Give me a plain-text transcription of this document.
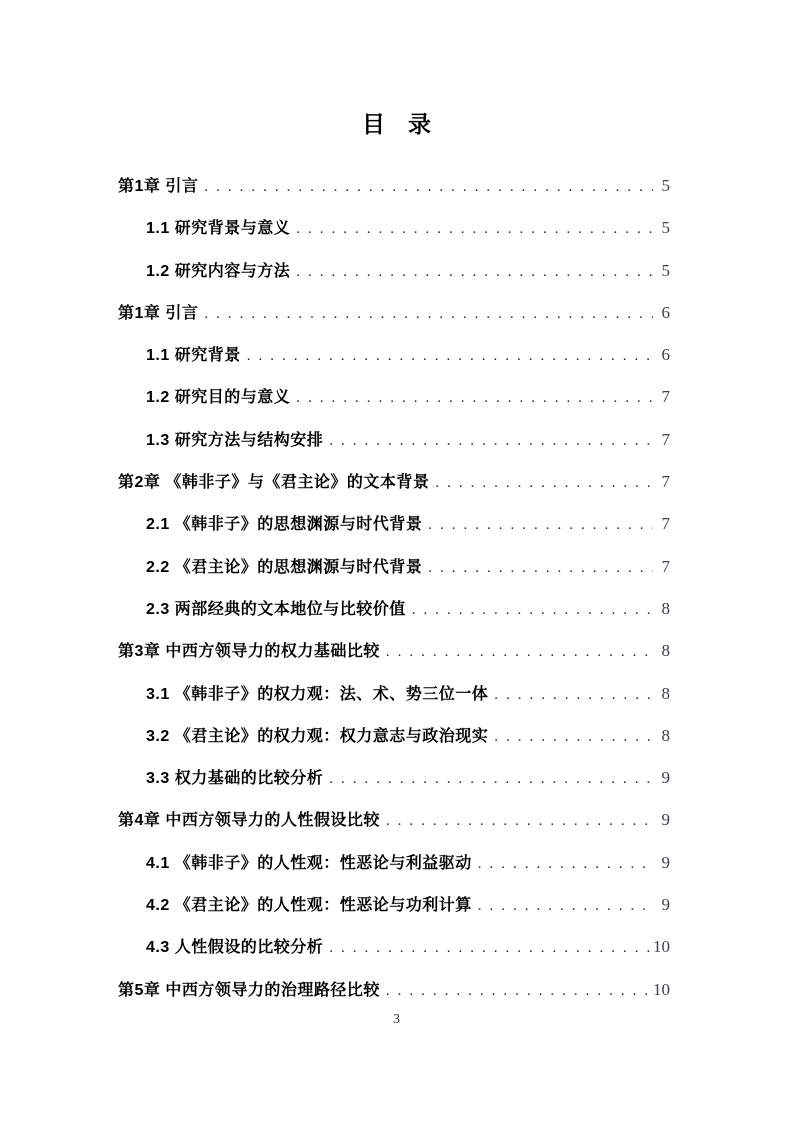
目　录
第1章 引言 .....	5
1.1 研究背景与意义 .....	5
1.2 研究内容与方法 .....	5
第1章 引言 .....	6
1.1 研究背景 .....	6
1.2 研究目的与意义 .....	7
1.3 研究方法与结构安排 .....	7
第2章 《韩非子》与《君主论》的文本背景 .....	7
2.1 《韩非子》的思想渊源与时代背景 .....	7
2.2 《君主论》的思想渊源与时代背景 .....	7
2.3 两部经典的文本地位与比较价值 .....	8
第3章 中西方领导力的权力基础比较 .....	8
3.1 《韩非子》的权力观：法、术、势三位一体 .....	8
3.2 《君主论》的权力观：权力意志与政治现实 .....	8
3.3 权力基础的比较分析 .....	9
第4章 中西方领导力的人性假设比较 .....	9
4.1 《韩非子》的人性观：性恶论与利益驱动 .....	9
4.2 《君主论》的人性观：性恶论与功利计算 .....	9
4.3 人性假设的比较分析 .....	10
第5章 中西方领导力的治理路径比较 .....	10
3
